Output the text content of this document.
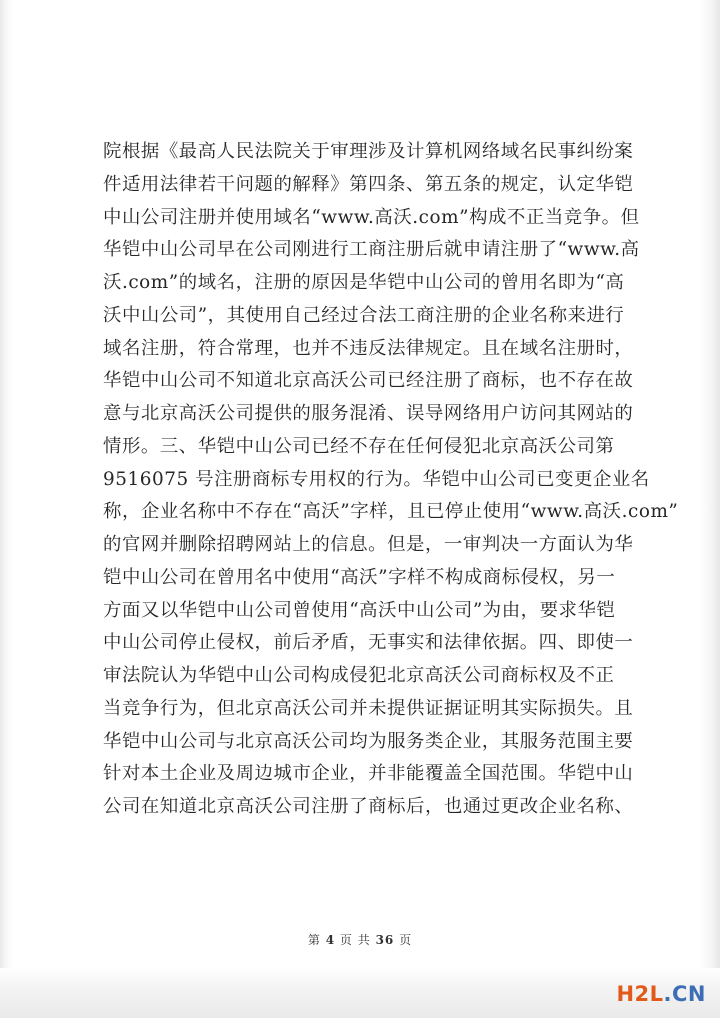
院根据《最高人民法院关于审理涉及计算机网络域名民事纠纷案
件适用法律若干问题的解释》第四条、第五条的规定，认定华铠
中山公司注册并使用域名“www.高沃.com”构成不正当竞争。但
华铠中山公司早在公司刚进行工商注册后就申请注册了“www.高
沃.com”的域名，注册的原因是华铠中山公司的曾用名即为“高
沃中山公司”，其使用自己经过合法工商注册的企业名称来进行
域名注册，符合常理，也并不违反法律规定。且在域名注册时，
华铠中山公司不知道北京高沃公司已经注册了商标，也不存在故
意与北京高沃公司提供的服务混淆、误导网络用户访问其网站的
情形。三、华铠中山公司已经不存在任何侵犯北京高沃公司第
9516075 号注册商标专用权的行为。华铠中山公司已变更企业名
称，企业名称中不存在“高沃”字样，且已停止使用“www.高沃.com”
的官网并删除招聘网站上的信息。但是，一审判决一方面认为华
铠中山公司在曾用名中使用“高沃”字样不构成商标侵权，另一
方面又以华铠中山公司曾使用“高沃中山公司”为由，要求华铠
中山公司停止侵权，前后矛盾，无事实和法律依据。四、即使一
审法院认为华铠中山公司构成侵犯北京高沃公司商标权及不正
当竞争行为，但北京高沃公司并未提供证据证明其实际损失。且
华铠中山公司与北京高沃公司均为服务类企业，其服务范围主要
针对本土企业及周边城市企业，并非能覆盖全国范围。华铠中山
公司在知道北京高沃公司注册了商标后，也通过更改企业名称、
第 4 页 共 36 页
H2L.CN
